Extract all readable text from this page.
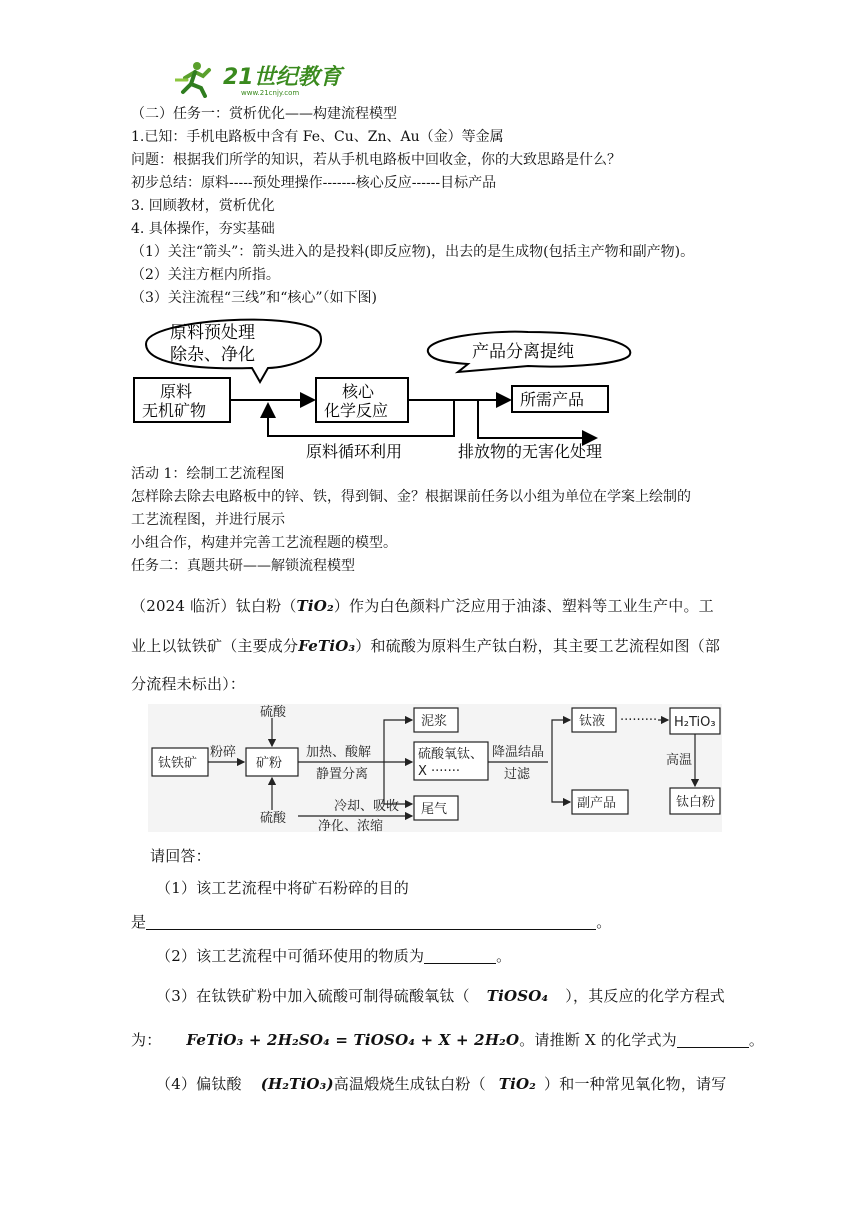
21世纪教育
www.21cnjy.com
（二）任务一：赏析优化——构建流程模型
1.已知：手机电路板中含有 Fe、Cu、Zn、Au（金）等金属
问题：根据我们所学的知识，若从手机电路板中回收金，你的大致思路是什么？
初步总结：原料-----预处理操作-------核心反应------目标产品
3. 回顾教材，赏析优化
4. 具体操作，夯实基础
（1）关注“箭头”：箭头进入的是投料(即反应物)，出去的是生成物(包括主产物和副产物)。
（2）关注方框内所指。
（3）关注流程“三线”和“核心”（如下图)
原料预处理
除杂、净化	产品分离提纯
原料
无机矿物
核心
化学反应
所需产品
原料循环利用	排放物的无害化处理
活动 1：绘制工艺流程图
怎样除去除去电路板中的锌、铁，得到铜、金？根据课前任务以小组为单位在学案上绘制的
工艺流程图，并进行展示
小组合作，构建并完善工艺流程题的模型。
任务二：真题共研——解锁流程模型
（2024 临沂）钛白粉（TiO₂）作为白色颜料广泛应用于油漆、塑料等工业生产中。工
业上以钛铁矿（主要成分FeTiO₃）和硫酸为原料生产钛白粉，其主要工艺流程如图（部
分流程未标出）：
硫酸
硫酸
钛铁矿
粉碎
矿粉
加热、酸解
静置分离
冷却、吸收
净化、浓缩
泥浆
硫酸氧钛、
X ·······
尾气
降温结晶
过滤
钛液 ········· H₂TiO₃
高温
副产品	钛白粉
请回答：
（1）该工艺流程中将矿石粉碎的目的
是	。
（2）该工艺流程中可循环使用的物质为	。
（3）在钛铁矿粉中加入硫酸可制得硫酸氧钛（ TiOSO₄ ），其反应的化学方程式
为： FeTiO₃ + 2H₂SO₄ = TiOSO₄ + X + 2H₂O。请推断 X 的化学式为	。
（4）偏钛酸 (H₂TiO₃)高温煅烧生成钛白粉（ TiO₂ ）和一种常见氧化物，请写
